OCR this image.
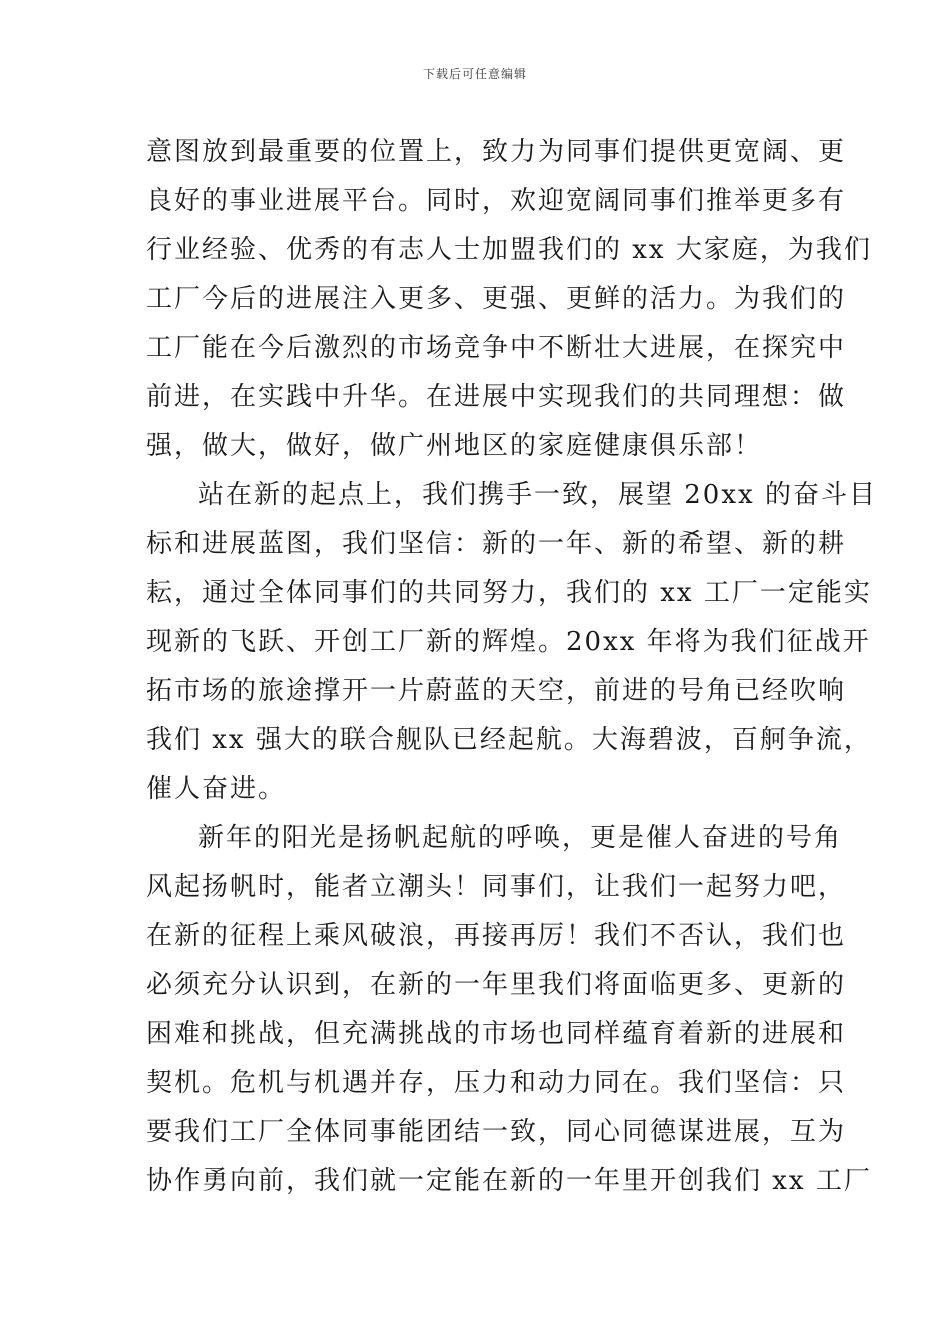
下载后可任意编辑
意图放到最重要的位置上，致力为同事们提供更宽阔、更
良好的事业进展平台。同时，欢迎宽阔同事们推举更多有
行业经验、优秀的有志人士加盟我们的 xx 大家庭，为我们
工厂今后的进展注入更多、更强、更鲜的活力。为我们的
工厂能在今后激烈的市场竞争中不断壮大进展，在探究中
前进，在实践中升华。在进展中实现我们的共同理想：做
强，做大，做好，做广州地区的家庭健康俱乐部！
站在新的起点上，我们携手一致，展望 20xx 的奋斗目
标和进展蓝图，我们坚信：新的一年、新的希望、新的耕
耘，通过全体同事们的共同努力，我们的 xx 工厂一定能实
现新的飞跃、开创工厂新的辉煌。20xx 年将为我们征战开
拓市场的旅途撑开一片蔚蓝的天空，前进的号角已经吹响
我们 xx 强大的联合舰队已经起航。大海碧波，百舸争流，
催人奋进。
新年的阳光是扬帆起航的呼唤，更是催人奋进的号角
风起扬帆时，能者立潮头！同事们，让我们一起努力吧，
在新的征程上乘风破浪，再接再厉！我们不否认，我们也
必须充分认识到，在新的一年里我们将面临更多、更新的
困难和挑战，但充满挑战的市场也同样蕴育着新的进展和
契机。危机与机遇并存，压力和动力同在。我们坚信：只
要我们工厂全体同事能团结一致，同心同德谋进展，互为
协作勇向前，我们就一定能在新的一年里开创我们 xx 工厂
